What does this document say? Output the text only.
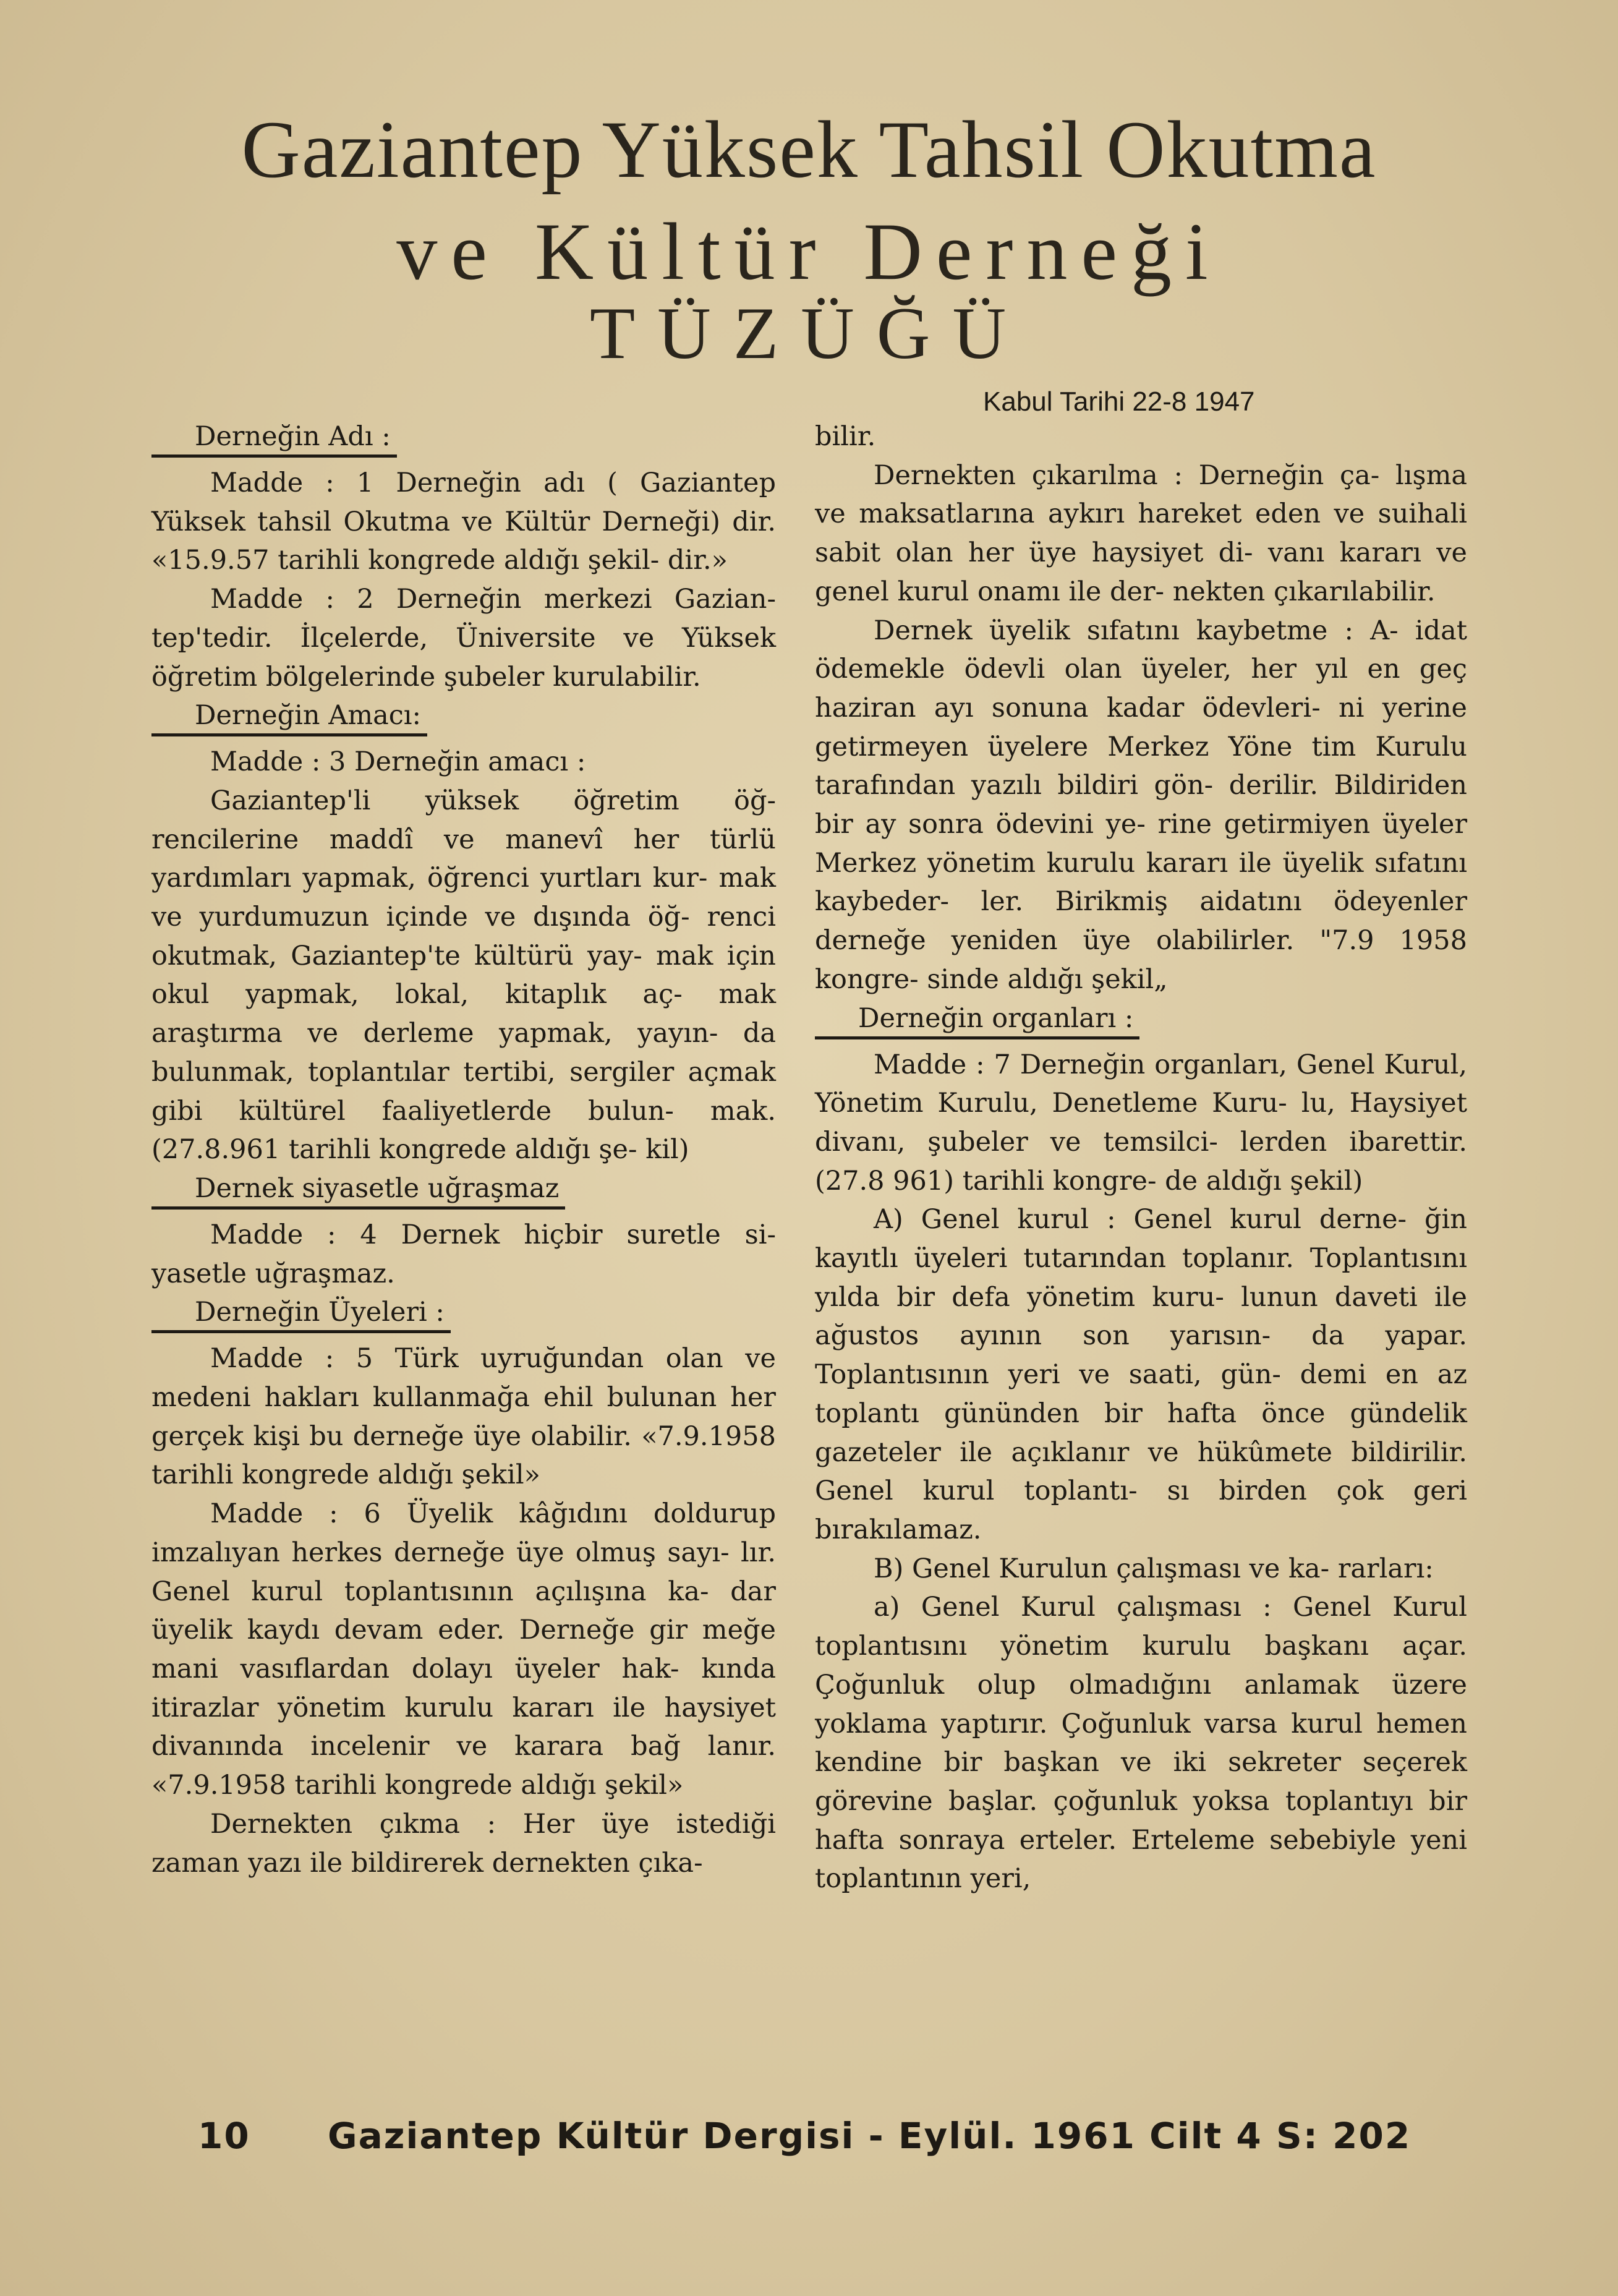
Gaziantep Yüksek Tahsil Okutma
ve Kültür Derneği
TÜZÜĞÜ
Kabul Tarihi 22-8 1947
Derneğin Adı :

Madde : 1 Derneğin adı ( Gaziantep Yüksek tahsil Okutma ve Kültür Derneği) dir. «15.9.57 tarihli kongrede aldığı şekil- dir.»

Madde : 2 Derneğin merkezi Gazian- tep'tedir. İlçelerde, Üniversite ve Yüksek öğretim bölgelerinde şubeler kurulabilir.

Derneğin Amacı:

Madde : 3 Derneğin amacı :

Gaziantep'li yüksek öğretim öğ- rencilerine maddî ve manevî her türlü yardımları yapmak, öğrenci yurtları kur- mak ve yurdumuzun içinde ve dışında öğ- renci okutmak, Gaziantep'te kültürü yay- mak için okul yapmak, lokal, kitaplık aç- mak araştırma ve derleme yapmak, yayın- da bulunmak, toplantılar tertibi, sergiler açmak gibi kültürel faaliyetlerde bulun- mak. (27.8.961 tarihli kongrede aldığı şe- kil)

Dernek siyasetle uğraşmaz

Madde : 4 Dernek hiçbir suretle si- yasetle uğraşmaz.

Derneğin Üyeleri :

Madde : 5 Türk uyruğundan olan ve medeni hakları kullanmağa ehil bulunan her gerçek kişi bu derneğe üye olabilir. «7.9.1958 tarihli kongrede aldığı şekil»

Madde : 6 Üyelik kâğıdını doldurup imzalıyan herkes derneğe üye olmuş sayı- lır. Genel kurul toplantısının açılışına ka- dar üyelik kaydı devam eder. Derneğe gir meğe mani vasıflardan dolayı üyeler hak- kında itirazlar yönetim kurulu kararı ile haysiyet divanında incelenir ve karara bağ lanır. «7.9.1958 tarihli kongrede aldığı şekil»

Dernekten çıkma : Her üye istediği zaman yazı ile bildirerek dernekten çıka-

bilir.

Dernekten çıkarılma : Derneğin ça- lışma ve maksatlarına aykırı hareket eden ve suihali sabit olan her üye haysiyet di- vanı kararı ve genel kurul onamı ile der- nekten çıkarılabilir.

Dernek üyelik sıfatını kaybetme : A- idat ödemekle ödevli olan üyeler, her yıl en geç haziran ayı sonuna kadar ödevleri- ni yerine getirmeyen üyelere Merkez Yöne tim Kurulu tarafından yazılı bildiri gön- derilir. Bildiriden bir ay sonra ödevini ye- rine getirmiyen üyeler Merkez yönetim kurulu kararı ile üyelik sıfatını kaybeder- ler. Birikmiş aidatını ödeyenler derneğe yeniden üye olabilirler. "7.9 1958 kongre- sinde aldığı şekil„

Derneğin organları :

Madde : 7 Derneğin organları, Genel Kurul, Yönetim Kurulu, Denetleme Kuru- lu, Haysiyet divanı, şubeler ve temsilci- lerden ibarettir. (27.8 961) tarihli kongre- de aldığı şekil)

A) Genel kurul : Genel kurul derne- ğin kayıtlı üyeleri tutarından toplanır. Toplantısını yılda bir defa yönetim kuru- lunun daveti ile ağustos ayının son yarısın- da yapar. Toplantısının yeri ve saati, gün- demi en az toplantı gününden bir hafta önce gündelik gazeteler ile açıklanır ve hükûmete bildirilir. Genel kurul toplantı- sı birden çok geri bırakılamaz.

B) Genel Kurulun çalışması ve ka- rarları:

a) Genel Kurul çalışması : Genel Kurul toplantısını yönetim kurulu başkanı açar. Çoğunluk olup olmadığını anlamak üzere yoklama yaptırır. Çoğunluk varsa kurul hemen kendine bir başkan ve iki sekreter seçerek görevine başlar. çoğunluk yoksa toplantıyı bir hafta sonraya erteler. Erteleme sebebiyle yeni toplantının yeri,

10 Gaziantep Kültür Dergisi - Eylül. 1961 Cilt 4 S: 202
